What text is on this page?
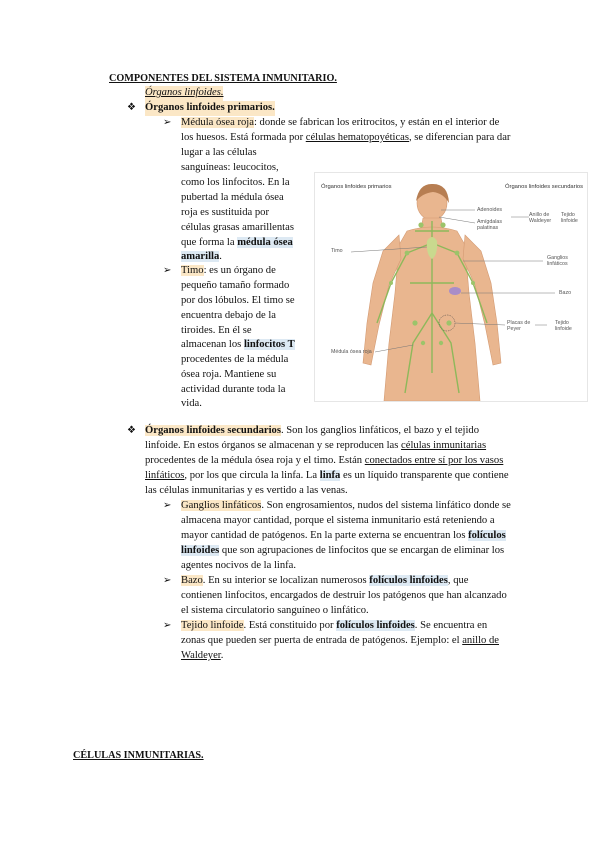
COMPONENTES DEL SISTEMA INMUNITARIO.
Órganos linfoides.
❖ Órganos linfoides primarios.
➢ Médula ósea roja: donde se fabrican los eritrocitos, y están en el interior de
los huesos. Está formada por células hematopoyéticas, se diferencian para dar
lugar a las células
sanguíneas: leucocitos,
como los linfocitos. En la
pubertad la médula ósea
roja es sustituida por
células grasas amarillentas
que forma la médula ósea
amarilla.
➢ Timo: es un órgano de
pequeño tamaño formado
por dos lóbulos. El timo se
encuentra debajo de la
tiroides. En él se
almacenan los linfocitos T
procedentes de la médula
ósea roja. Mantiene su
actividad durante toda la
vida.
Órganos linfoides primarios	Órganos linfoides secundarios
Adenoides
Amígdalas palatinas
Anillo de Waldeyer
Tejido linfoide
Timo
Ganglios linfáticos
Bazo
Placas de Peyer
Tejido linfoide
Médula ósea roja
❖ Órganos linfoides secundarios. Son los ganglios linfáticos, el bazo y el tejido
linfoide. En estos órganos se almacenan y se reproducen las células inmunitarias
procedentes de la médula ósea roja y el timo. Están conectados entre sí por los vasos
linfáticos, por los que circula la linfa. La linfa es un líquido transparente que contiene
las células inmunitarias y es vertido a las venas.
➢ Ganglios linfáticos. Son engrosamientos, nudos del sistema linfático donde se
almacena mayor cantidad, porque el sistema inmunitario está reteniendo a
mayor cantidad de patógenos. En la parte externa se encuentran los folículos
linfoides que son agrupaciones de linfocitos que se encargan de eliminar los
agentes nocivos de la linfa.
➢ Bazo. En su interior se localizan numerosos folículos linfoides, que
contienen linfocitos, encargados de destruir los patógenos que han alcanzado
el sistema circulatorio sanguíneo o linfático.
➢ Tejido linfoide. Está constituido por folículos linfoides. Se encuentra en
zonas que pueden ser puerta de entrada de patógenos. Ejemplo: el anillo de
Waldeyer.
CÉLULAS INMUNITARIAS.
